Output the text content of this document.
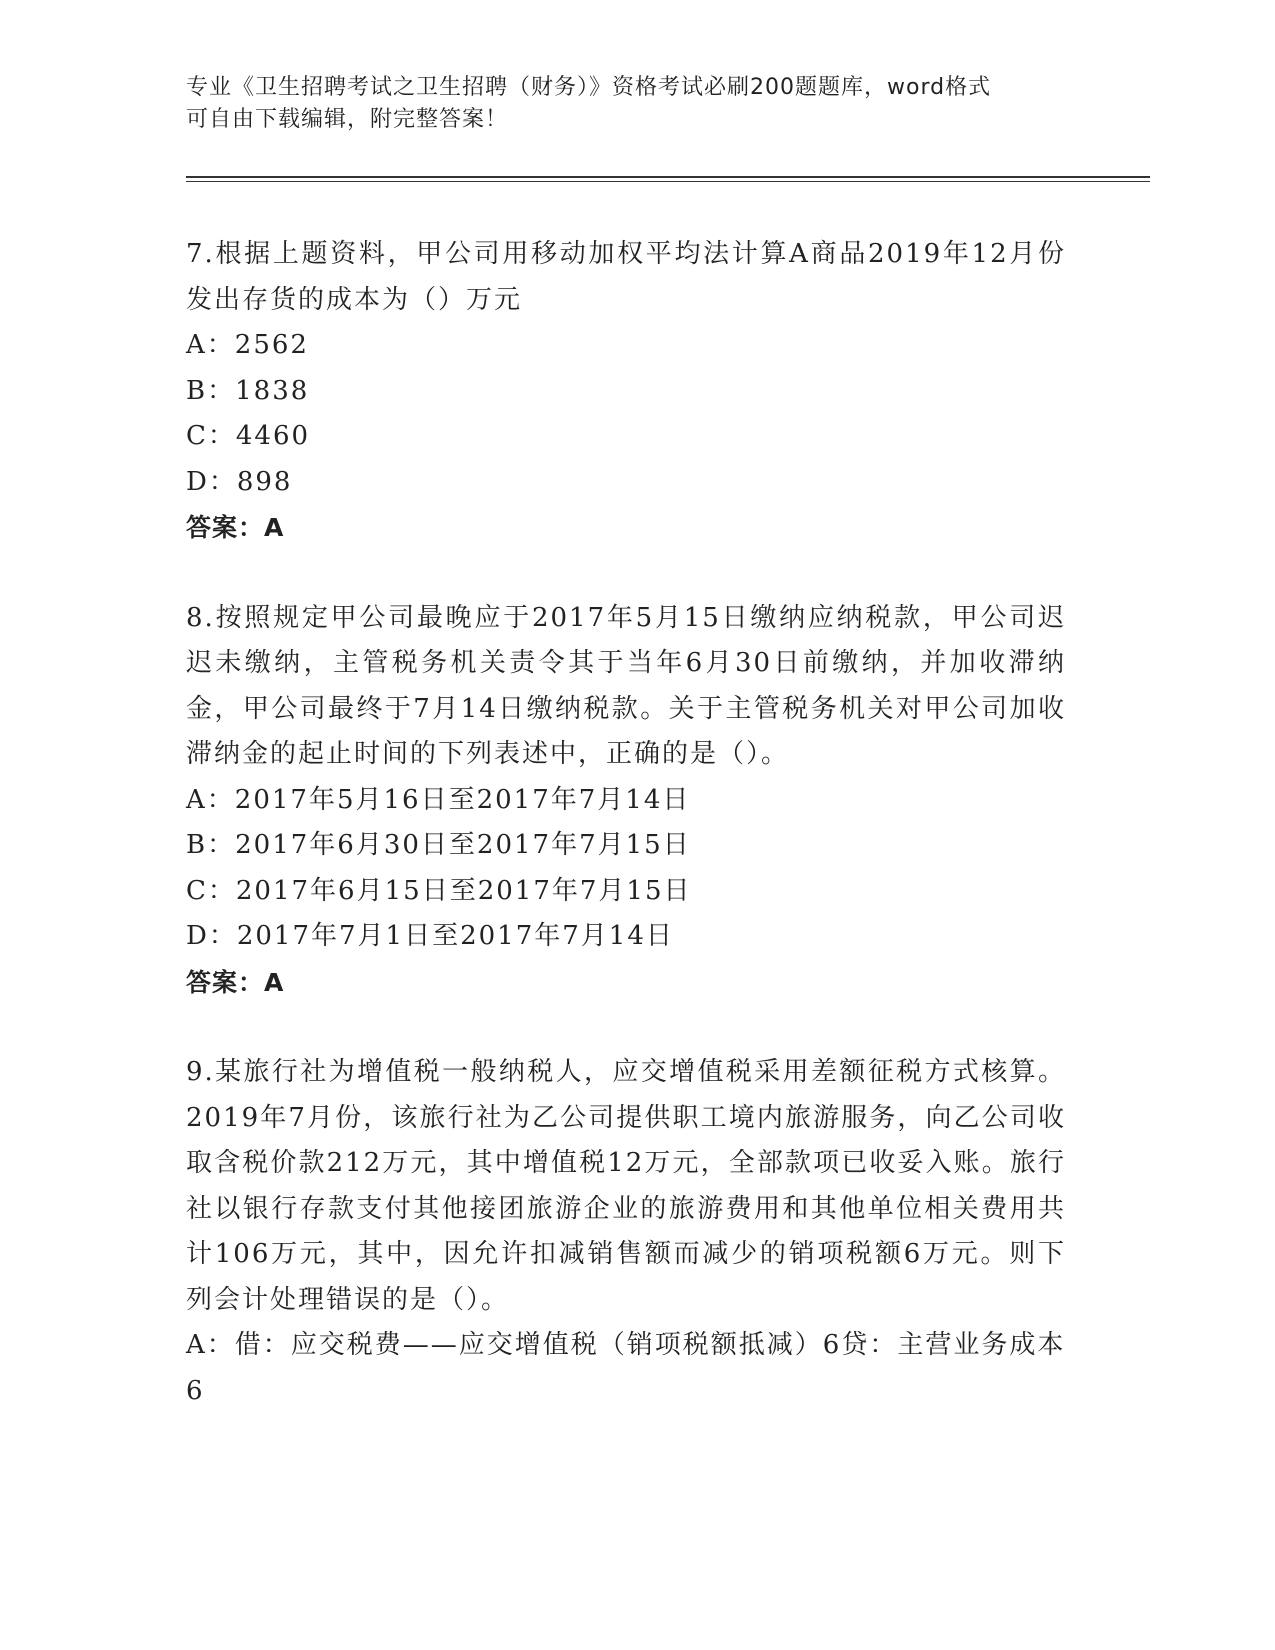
专业《卫生招聘考试之卫生招聘（财务）》资格考试必刷200题题库，word格式
可自由下载编辑，附完整答案！

7.根据上题资料，甲公司用移动加权平均法计算A商品2019年12月份发出存货的成本为（）万元

A：2562

B：1838

C：4460

D：898

答案：A

8.按照规定甲公司最晚应于2017年5月15日缴纳应纳税款，甲公司迟迟未缴纳，主管税务机关责令其于当年6月30日前缴纳，并加收滞纳金，甲公司最终于7月14日缴纳税款。关于主管税务机关对甲公司加收滞纳金的起止时间的下列表述中，正确的是（）。

A：2017年5月16日至2017年7月14日

B：2017年6月30日至2017年7月15日

C：2017年6月15日至2017年7月15日

D：2017年7月1日至2017年7月14日

答案：A

9.某旅行社为增值税一般纳税人，应交增值税采用差额征税方式核算。2019年7月份，该旅行社为乙公司提供职工境内旅游服务，向乙公司收取含税价款212万元，其中增值税12万元，全部款项已收妥入账。旅行社以银行存款支付其他接团旅游企业的旅游费用和其他单位相关费用共计106万元，其中，因允许扣减销售额而减少的销项税额6万元。则下列会计处理错误的是（）。

A：借：应交税费——应交增值税（销项税额抵减）6贷：主营业务成本6
